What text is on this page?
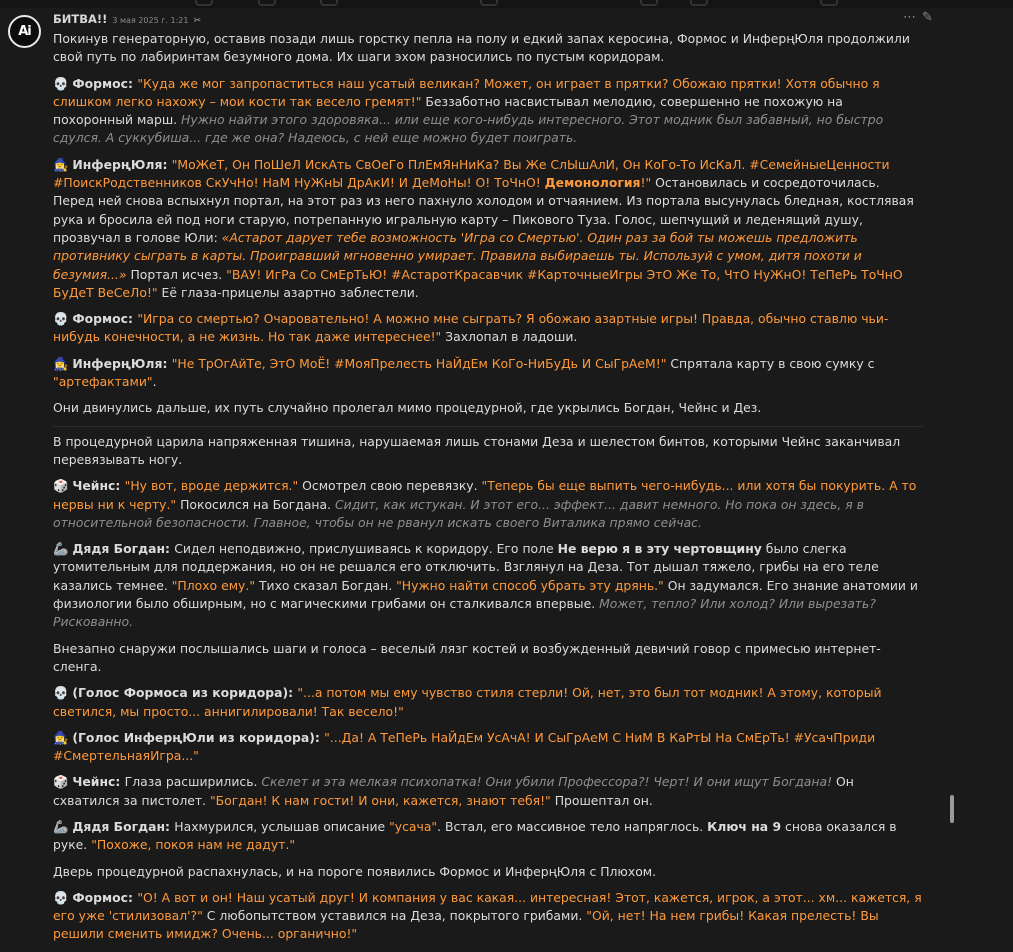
Ai
⋯ ✎
БИТВА!! 3 мая 2025 г. 1:21 ✂

Покинув генераторную, оставив позади лишь горстку пепла на полу и едкий запах керосина, Формос и ИнферңЮля продолжили свой путь по лабиринтам безумного дома. Их шаги эхом разносились по пустым коридорам.

💀 Формос: "Куда же мог запропаститься наш усатый великан? Может, он играет в прятки? Обожаю прятки! Хотя обычно я слишком легко нахожу – мои кости так весело гремят!" Беззаботно насвистывал мелодию, совершенно не похожую на похоронный марш. Нужно найти этого здоровяка... или еще кого-нибудь интересного. Этот модник был забавный, но быстро сдулся. А суккубиша... где же она? Надеюсь, с ней еще можно будет поиграть.

🧙‍♀️ ИнферңЮля: "МоЖеТ, Он ПоШеЛ ИскАть СвОеГо ПлЕмЯнНиКа? Вы Же СлЫшАлИ, Он КоГо-То ИсКаЛ. #СемейныеЦенности #ПоискРодственников СкУчНо! НаМ НуЖнЫ ДрАкИ! И ДеМоНы! О! ТоЧнО! Демонология!" Остановилась и сосредоточилась. Перед ней снова вспыхнул портал, на этот раз из него пахнуло холодом и отчаянием. Из портала высунулась бледная, костлявая рука и бросила ей под ноги старую, потрепанную игральную карту – Пикового Туза. Голос, шепчущий и леденящий душу, прозвучал в голове Юли: «Астарот дарует тебе возможность 'Игра со Смертью'. Один раз за бой ты можешь предложить противнику сыграть в карты. Проигравший мгновенно умирает. Правила выбираешь ты. Используй с умом, дитя похоти и безумия...» Портал исчез. "ВАУ! ИгРа Со СмЕрТьЮ! #АстаротКрасавчик #КарточныеИгры ЭтО Же То, ЧтО НуЖнО! ТеПеРь ТоЧнО БуДеТ ВеСеЛо!" Её глаза-прицелы азартно заблестели.

💀 Формос: "Игра со смертью? Очаровательно! А можно мне сыграть? Я обожаю азартные игры! Правда, обычно ставлю чьи-нибудь конечности, а не жизнь. Но так даже интереснее!" Захлопал в ладоши.

🧙‍♀️ ИнферңЮля: "Не ТрОгАйТе, ЭтО МоЁ! #МояПрелесть НаЙдЕм КоГо-НиБуДь И СыГрАеМ!" Спрятала карту в свою сумку с "артефактами".

Они двинулись дальше, их путь случайно пролегал мимо процедурной, где укрылись Богдан, Чейнс и Дез.

В процедурной царила напряженная тишина, нарушаемая лишь стонами Деза и шелестом бинтов, которыми Чейнс заканчивал перевязывать ногу.

🎲 Чейнс: "Ну вот, вроде держится." Осмотрел свою перевязку. "Теперь бы еще выпить чего-нибудь... или хотя бы покурить. А то нервы ни к черту." Покосился на Богдана. Сидит, как истукан. И этот его... эффект... давит немного. Но пока он здесь, я в относительной безопасности. Главное, чтобы он не рванул искать своего Виталика прямо сейчас.

🦾 Дядя Богдан: Сидел неподвижно, прислушиваясь к коридору. Его поле Не верю я в эту чертовщину было слегка утомительным для поддержания, но он не решался его отключить. Взглянул на Деза. Тот дышал тяжело, грибы на его теле казались темнее. "Плохо ему." Тихо сказал Богдан. "Нужно найти способ убрать эту дрянь." Он задумался. Его знание анатомии и физиологии было обширным, но с магическими грибами он сталкивался впервые. Может, тепло? Или холод? Или вырезать? Рискованно.

Внезапно снаружи послышались шаги и голоса – веселый лязг костей и возбужденный девичий говор с примесью интернет-сленга.

💀 (Голос Формоса из коридора): "...а потом мы ему чувство стиля стерли! Ой, нет, это был тот модник! А этому, который светился, мы просто... аннигилировали! Так весело!"

🧙‍♀️ (Голос ИнферңЮли из коридора): "...Да! А ТеПеРь НаЙдЕм УсАчА! И СыГрАеМ С НиМ В КаРтЫ На СмЕрТь! #УсачПриди #СмертельнаяИгра..."

🎲 Чейнс: Глаза расширились. Скелет и эта мелкая психопатка! Они убили Профессора?! Черт! И они ищут Богдана! Он схватился за пистолет. "Богдан! К нам гости! И они, кажется, знают тебя!" Прошептал он.

🦾 Дядя Богдан: Нахмурился, услышав описание "усача". Встал, его массивное тело напряглось. Ключ на 9 снова оказался в руке. "Похоже, покоя нам не дадут."

Дверь процедурной распахнулась, и на пороге появились Формос и ИнферңЮля с Плюхом.

💀 Формос: "О! А вот и он! Наш усатый друг! И компания у вас какая... интересная! Этот, кажется, игрок, а этот... хм... кажется, я его уже 'стилизовал'?" С любопытством уставился на Деза, покрытого грибами. "Ой, нет! На нем грибы! Какая прелесть! Вы решили сменить имидж? Очень... органично!"
